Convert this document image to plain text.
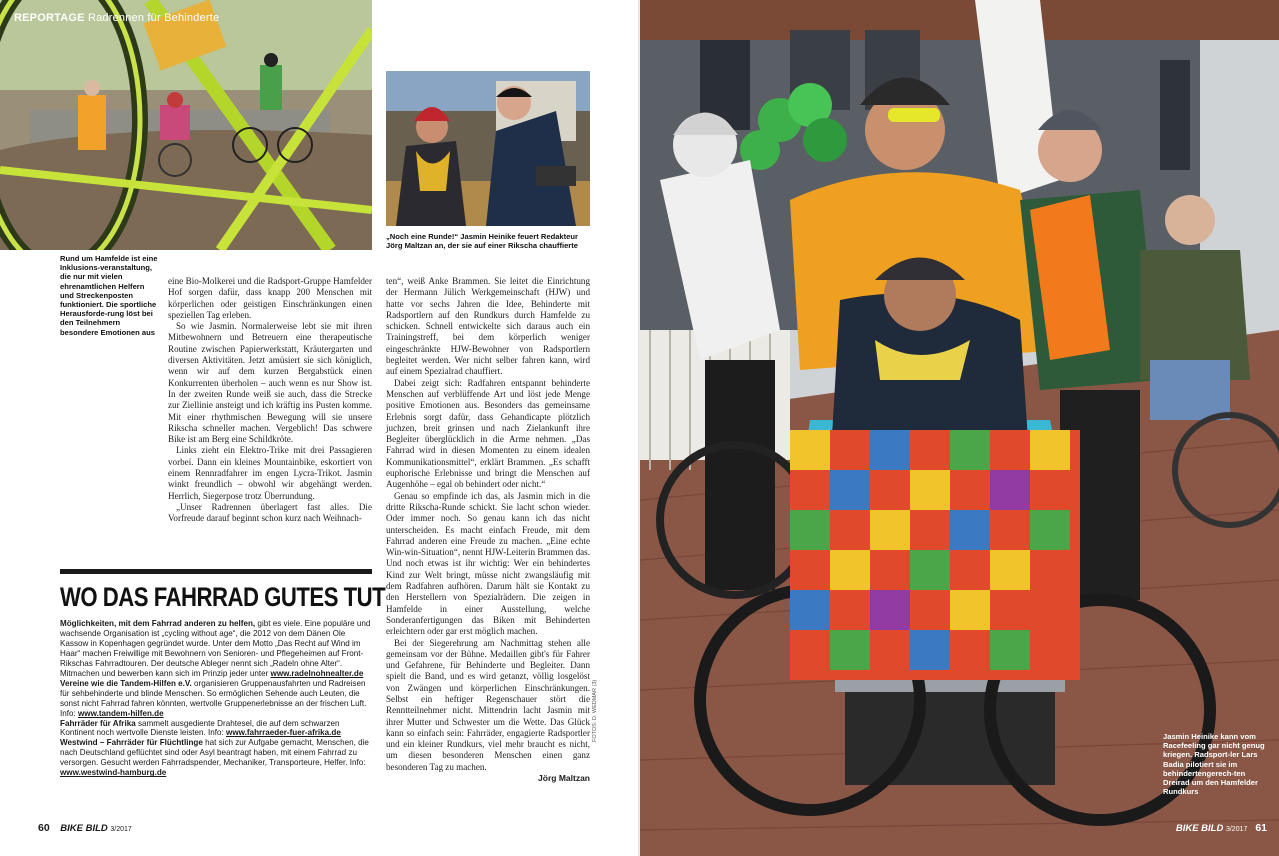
REPORTAGE Radrennen für Behinderte
Rund um Hamfelde ist eine Inklusions-veranstaltung, die nur mit vielen ehrenamtlichen Helfern und Streckenposten funktioniert. Die sportliche Herausforde-rung löst bei den Teilnehmern besondere Emotionen aus
„Noch eine Runde!“ Jasmin Heinike feuert Redakteur Jörg Maltzan an, der sie auf einer Rikscha chauffierte

eine Bio-Molkerei und die Radsport-Gruppe Hamfelder Hof sorgen dafür, dass knapp 200 Menschen mit körperlichen oder geistigen Einschränkungen einen speziellen Tag erleben.

So wie Jasmin. Normalerweise lebt sie mit ihren Mitbewohnern und Betreuern eine therapeutische Routine zwischen Papierwerkstatt, Kräutergarten und diversen Aktivitäten. Jetzt amüsiert sie sich königlich, wenn wir auf dem kurzen Bergabstück einen Konkurrenten überholen – auch wenn es nur Show ist. In der zweiten Runde weiß sie auch, dass die Strecke zur Ziellinie ansteigt und ich kräftig ins Pusten komme. Mit einer rhythmischen Bewegung will sie unsere Rikscha schneller machen. Vergeblich! Das schwere Bike ist am Berg eine Schildkröte.

Links zieht ein Elektro-Trike mit drei Passagieren vorbei. Dann ein kleines Mountainbike, eskortiert von einem Rennradfahrer im engen Lycra-Trikot. Jasmin winkt freundlich – obwohl wir abgehängt werden. Herrlich, Siegerpose trotz Überrundung.

„Unser Radrennen überlagert fast alles. Die Vorfreude darauf beginnt schon kurz nach Weihnach-

ten“, weiß Anke Brammen. Sie leitet die Einrichtung der Hermann Jülich Werkgemeinschaft (HJW) und hatte vor sechs Jahren die Idee, Behinderte mit Radsportlern auf den Rundkurs durch Hamfelde zu schicken. Schnell entwickelte sich daraus auch ein Trainingstreff, bei dem körperlich weniger eingeschränkte HJW-Bewohner von Radsportlern begleitet werden. Wer nicht selber fahren kann, wird auf einem Spezialrad chauffiert.

Dabei zeigt sich: Radfahren entspannt behinderte Menschen auf verblüffende Art und löst jede Menge positive Emotionen aus. Besonders das gemeinsame Erlebnis sorgt dafür, dass Gehandicapte plötzlich juchzen, breit grinsen und nach Zielankunft ihre Begleiter überglücklich in die Arme nehmen. „Das Fahrrad wird in diesen Momenten zu einem idealen Kommunikationsmittel“, erklärt Brammen. „Es schafft euphorische Erlebnisse und bringt die Menschen auf Augenhöhe – egal ob behindert oder nicht.“

Genau so empfinde ich das, als Jasmin mich in die dritte Rikscha-Runde schickt. Sie lacht schon wieder. Oder immer noch. So genau kann ich das nicht unterscheiden. Es macht einfach Freude, mit dem Fahrrad anderen eine Freude zu machen. „Eine echte Win-win-Situation“, nennt HJW-Leiterin Brammen das. Und noch etwas ist ihr wichtig: Wer ein behindertes Kind zur Welt bringt, müsse nicht zwangsläufig mit dem Radfahren aufhören. Darum hält sie Kontakt zu den Herstellern von Spezialrädern. Die zeigen in Hamfelde in einer Ausstellung, welche Sonderanfertigungen das Biken mit Behinderten erleichtern oder gar erst möglich machen.

Bei der Siegerehrung am Nachmittag stehen alle gemeinsam vor der Bühne. Medaillen gibt's für Fahrer und Gefahrene, für Behinderte und Begleiter. Dann spielt die Band, und es wird getanzt, völlig losgelöst von Zwängen und körperlichen Einschränkungen. Selbst ein heftiger Regenschauer stört die Renntteilnehmer nicht. Mittendrin lacht Jasmin mit ihrer Mutter und Schwester um die Wette. Das Glück kann so einfach sein: Fahrräder, engagierte Radsportler und ein kleiner Rundkurs, viel mehr braucht es nicht, um diesen besonderen Menschen einen ganz besonderen Tag zu machen.

Jörg Maltzan

WO DAS FAHRRAD GUTES TUT

Möglichkeiten, mit dem Fahrrad anderen zu helfen, gibt es viele. Eine populäre und wachsende Organisation ist „cycling without age“, die 2012 von dem Dänen Ole Kassow in Kopenhagen gegründet wurde. Unter dem Motto „Das Recht auf Wind im Haar“ machen Freiwillige mit Bewohnern von Senioren- und Pflegeheimen auf Front-Rikschas Fahrradtouren. Der deutsche Ableger nennt sich „Radeln ohne Alter“. Mitmachen und bewerben kann sich im Prinzip jeder unter www.radelnohnealter.de

Vereine wie die Tandem-Hilfen e.V. organisieren Gruppenausfahrten und Radreisen für sehbehinderte und blinde Menschen. So ermöglichen Sehende auch Leuten, die sonst nicht Fahrrad fahren könnten, wertvolle Gruppenerlebnisse an der frischen Luft. Info: www.tandem-hilfen.de

Fahrräder für Afrika sammelt ausgediente Drahtesel, die auf dem schwarzen Kontinent noch wertvolle Dienste leisten. Info: www.fahrraeder-fuer-afrika.de

Westwind – Fahrräder für Flüchtlinge hat sich zur Aufgabe gemacht, Menschen, die nach Deutschland geflüchtet sind oder Asyl beantragt haben, mit einem Fahrrad zu versorgen. Gesucht werden Fahrradspender, Mechaniker, Transporteure, Helfer. Info: www.westwind-hamburg.de

FOTOS: D. WEDMAR (3)
60 BIKE BILD 3/2017
Jasmin Heinike kann vom Racefeeling gar nicht genug kriegen. Radsport-ler Lars Badia pilotiert sie im behindertengerech-ten Dreirad um den Hamfelder Rundkurs
BIKE BILD 3/2017 61
